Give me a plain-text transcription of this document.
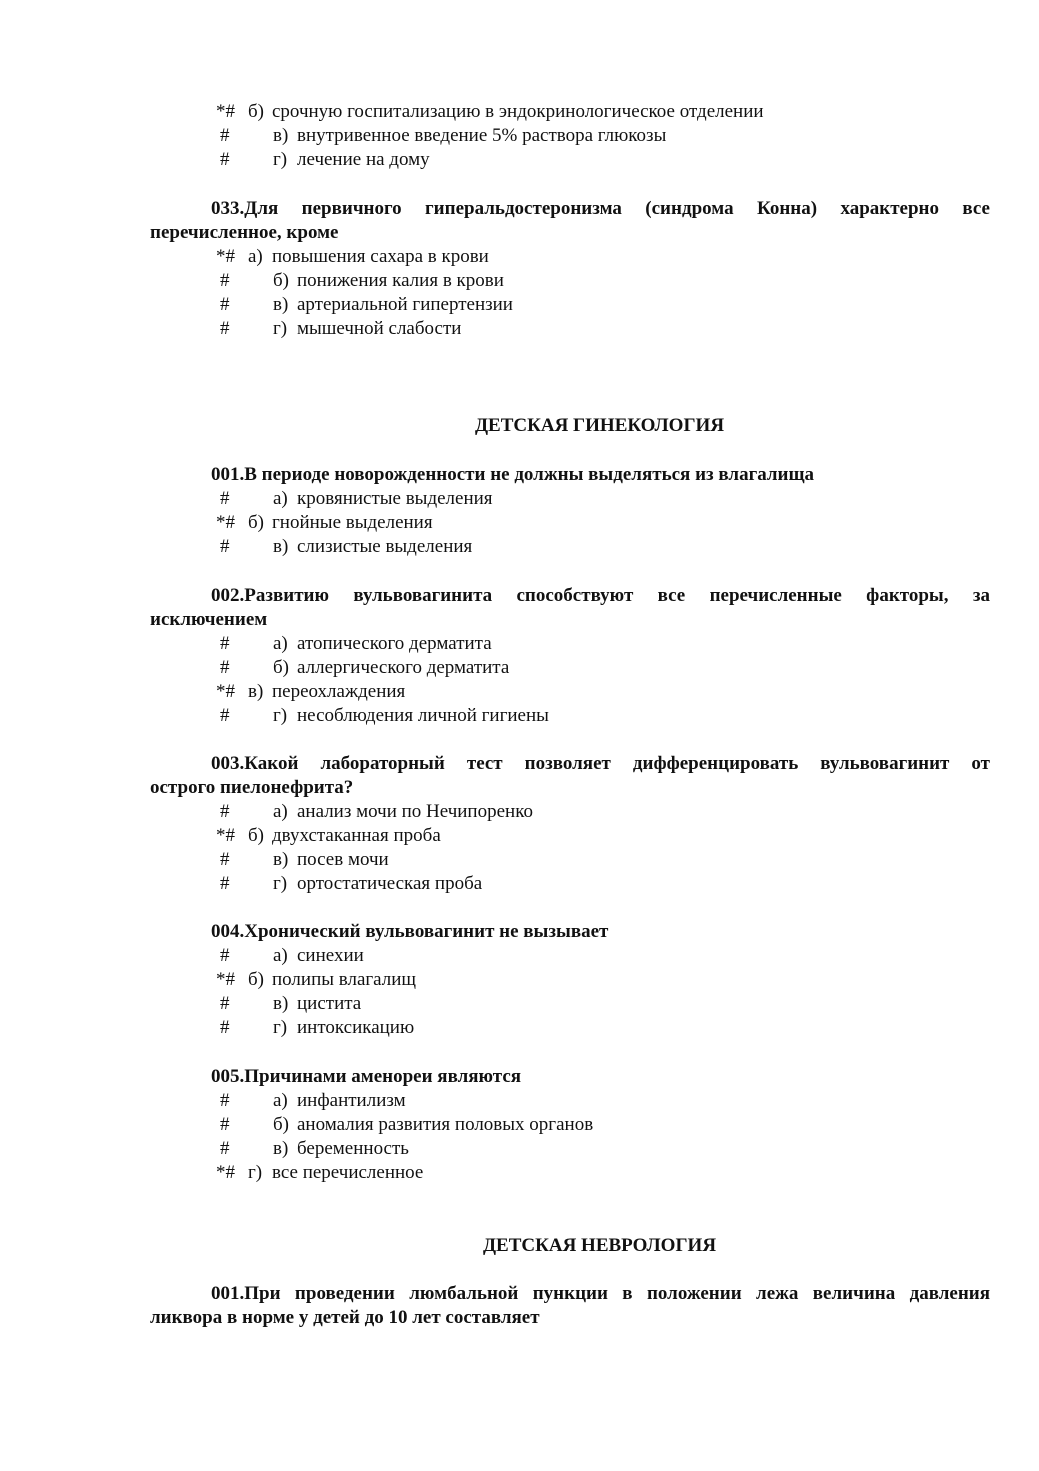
*# б) срочную госпитализацию в эндокринологическое отделении
#	в) внутривенное введение 5% раствора глюкозы
#	г) лечение на дому
033.Для первичного гиперальдостеронизма (синдрома Конна) характерно все
перечисленное, кроме
*# а) повышения сахара в крови
#	б) понижения калия в крови
#	в) артериальной гипертензии
#	г) мышечной слабости
ДЕТСКАЯ ГИНЕКОЛОГИЯ
001.В периоде новорожденности не должны выделяться из влагалища
#	а) кровянистые выделения
*# б) гнойные выделения
#	в) слизистые выделения
002.Развитию вульвовагинита способствуют все перечисленные факторы, за
исключением
#	а) атопического дерматита
#	б) аллергического дерматита
*# в) переохлаждения
#	г) несоблюдения личной гигиены
003.Какой лабораторный тест позволяет дифференцировать вульвовагинит от
острого пиелонефрита?
#	а) анализ мочи по Нечипоренко
*# б) двухстаканная проба
#	в) посев мочи
#	г) ортостатическая проба
004.Хронический вульвовагинит не вызывает
#	а) синехии
*# б) полипы влагалищ
#	в) цистита
#	г) интоксикацию
005.Причинами аменореи являются
#	а) инфантилизм
#	б) аномалия развития половых органов
#	в) беременность
*# г) все перечисленное
ДЕТСКАЯ НЕВРОЛОГИЯ
001.При проведении люмбальной пункции в положении лежа величина давления
ликвора в норме у детей до 10 лет составляет
